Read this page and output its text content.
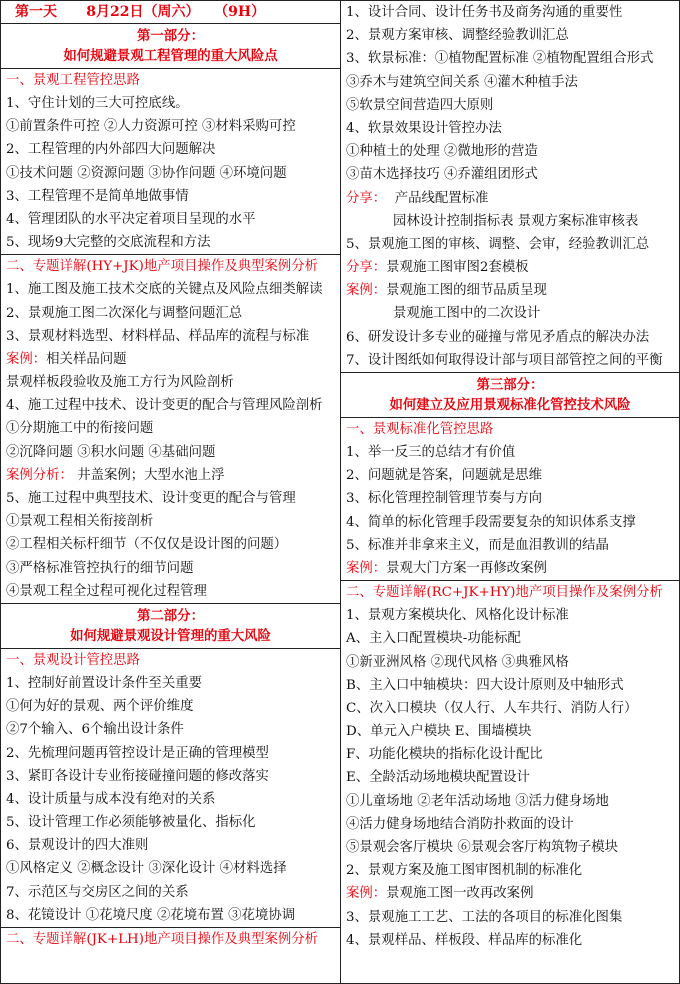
第一天 8月22日（周六） （9H）
第一部分：
如何规避景观工程管理的重大风险点
一、景观工程管控思路
1、守住计划的三大可控底线。
①前置条件可控 ②人力资源可控 ③材料采购可控
2、工程管理的内外部四大问题解决
①技术问题 ②资源问题 ③协作问题 ④环境问题
3、工程管理不是简单地做事情
4、管理团队的水平决定着项目呈现的水平
5、现场9大完整的交底流程和方法
二、专题详解(HY+JK)地产项目操作及典型案例分析
1、施工图及施工技术交底的关键点及风险点细类解读
2、景观施工图二次深化与调整问题汇总
3、景观材料选型、材料样品、样品库的流程与标准
案例：相关样品问题
景观样板段验收及施工方行为风险剖析
4、施工过程中技术、设计变更的配合与管理风险剖析
①分期施工中的衔接问题
②沉降问题 ③积水问题 ④基础问题
案例分析： 井盖案例；大型水池上浮
5、施工过程中典型技术、设计变更的配合与管理
①景观工程相关衔接剖析
②工程相关标杆细节（不仅仅是设计图的问题）
③严格标准管控执行的细节问题
④景观工程全过程可视化过程管理
第二部分：
如何规避景观设计管理的重大风险
一、景观设计管控思路
1、控制好前置设计条件至关重要
①何为好的景观、两个评价维度
②7个输入、6个输出设计条件
2、先梳理问题再管控设计是正确的管理模型
3、紧盯各设计专业衔接碰撞问题的修改落实
4、设计质量与成本没有绝对的关系
5、设计管理工作必须能够被量化、指标化
6、景观设计的四大准则
①风格定义 ②概念设计 ③深化设计 ④材料选择
7、示范区与交房区之间的关系
8、花镜设计 ①花境尺度 ②花境布置 ③花境协调
二、专题详解(JK+LH)地产项目操作及典型案例分析
1、设计合同、设计任务书及商务沟通的重要性
2、景观方案审核、调整经验教训汇总
3、软景标准：①植物配置标准 ②植物配置组合形式
③乔木与建筑空间关系 ④灌木种植手法
⑤软景空间营造四大原则
4、软景效果设计管控办法
①种植土的处理 ②微地形的营造
③苗木选择技巧 ④乔灌组团形式
分享： 产品线配置标准
园林设计控制指标表 景观方案标准审核表
5、景观施工图的审核、调整、会审，经验教训汇总
分享：景观施工图审图2套模板
案例：景观施工图的细节品质呈现
景观施工图中的二次设计
6、研发设计多专业的碰撞与常见矛盾点的解决办法
7、设计图纸如何取得设计部与项目部管控之间的平衡
第三部分：
如何建立及应用景观标准化管控技术风险
一、景观标准化管控思路
1、举一反三的总结才有价值
2、问题就是答案，问题就是思维
3、标化管理控制管理节奏与方向
4、简单的标化管理手段需要复杂的知识体系支撑
5、标准并非拿来主义，而是血泪教训的结晶
案例：景观大门方案一再修改案例
二、专题详解(RC+JK+HY)地产项目操作及案例分析
1、景观方案模块化、风格化设计标准
A、主入口配置模块-功能标配
①新亚洲风格 ②现代风格 ③典雅风格
B、主入口中轴模块：四大设计原则及中轴形式
C、次入口模块（仅人行、人车共行、消防人行）
D、单元入户模块 E、围墙模块
F、功能化模块的指标化设计配比
E、全龄活动场地模块配置设计
①儿童场地 ②老年活动场地 ③活力健身场地
④活力健身场地结合消防扑救面的设计
⑤景观会客厅模块 ⑥景观会客厅构筑物子模块
2、景观方案及施工图审图机制的标准化
案例：景观施工图一改再改案例
3、景观施工工艺、工法的各项目的标准化图集
4、景观样品、样板段、样品库的标准化
